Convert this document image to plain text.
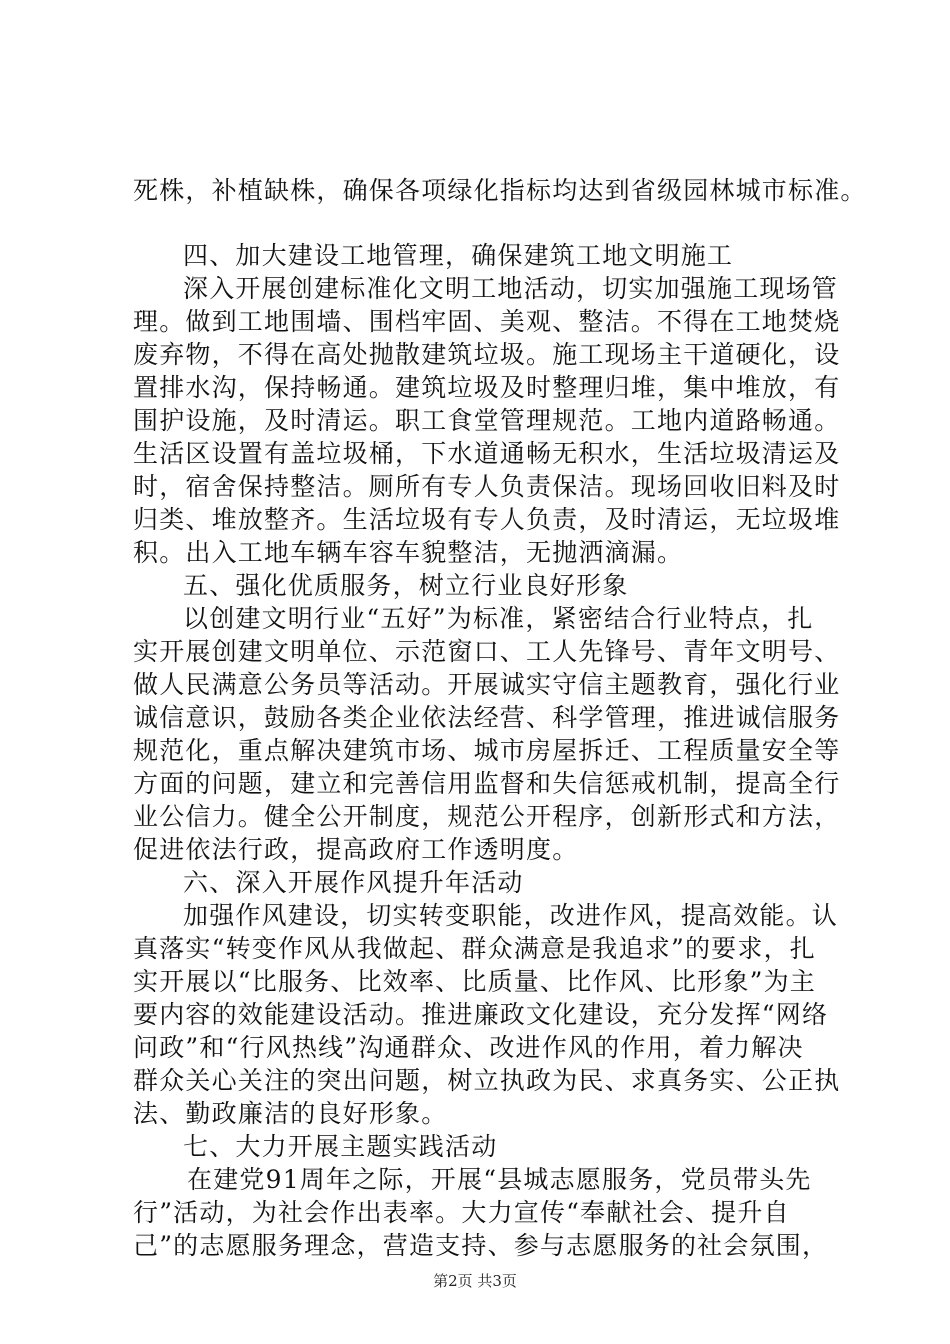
死株，补植缺株，确保各项绿化指标均达到省级园林城市标准。
四、加大建设工地管理，确保建筑工地文明施工
深入开展创建标准化文明工地活动，切实加强施工现场管
理。做到工地围墙、围档牢固、美观、整洁。不得在工地焚烧
废弃物，不得在高处抛散建筑垃圾。施工现场主干道硬化，设
置排水沟，保持畅通。建筑垃圾及时整理归堆，集中堆放，有
围护设施，及时清运。职工食堂管理规范。工地内道路畅通。
生活区设置有盖垃圾桶，下水道通畅无积水，生活垃圾清运及
时，宿舍保持整洁。厕所有专人负责保洁。现场回收旧料及时
归类、堆放整齐。生活垃圾有专人负责，及时清运，无垃圾堆
积。出入工地车辆车容车貌整洁，无抛洒滴漏。
五、强化优质服务，树立行业良好形象
以创建文明行业“五好”为标准，紧密结合行业特点，扎
实开展创建文明单位、示范窗口、工人先锋号、青年文明号、
做人民满意公务员等活动。开展诚实守信主题教育，强化行业
诚信意识，鼓励各类企业依法经营、科学管理，推进诚信服务
规范化，重点解决建筑市场、城市房屋拆迁、工程质量安全等
方面的问题，建立和完善信用监督和失信惩戒机制，提高全行
业公信力。健全公开制度，规范公开程序，创新形式和方法，
促进依法行政，提高政府工作透明度。
六、深入开展作风提升年活动
加强作风建设，切实转变职能，改进作风，提高效能。认
真落实“转变作风从我做起、群众满意是我追求”的要求，扎
实开展以“比服务、比效率、比质量、比作风、比形象”为主
要内容的效能建设活动。推进廉政文化建设，充分发挥“网络
问政”和“行风热线”沟通群众、改进作风的作用，着力解决
群众关心关注的突出问题，树立执政为民、求真务实、公正执
法、勤政廉洁的良好形象。
七、大力开展主题实践活动
在建党91周年之际，开展“县城志愿服务，党员带头先
行”活动，为社会作出表率。大力宣传“奉献社会、提升自
己”的志愿服务理念，营造支持、参与志愿服务的社会氛围，
第2页 共3页
